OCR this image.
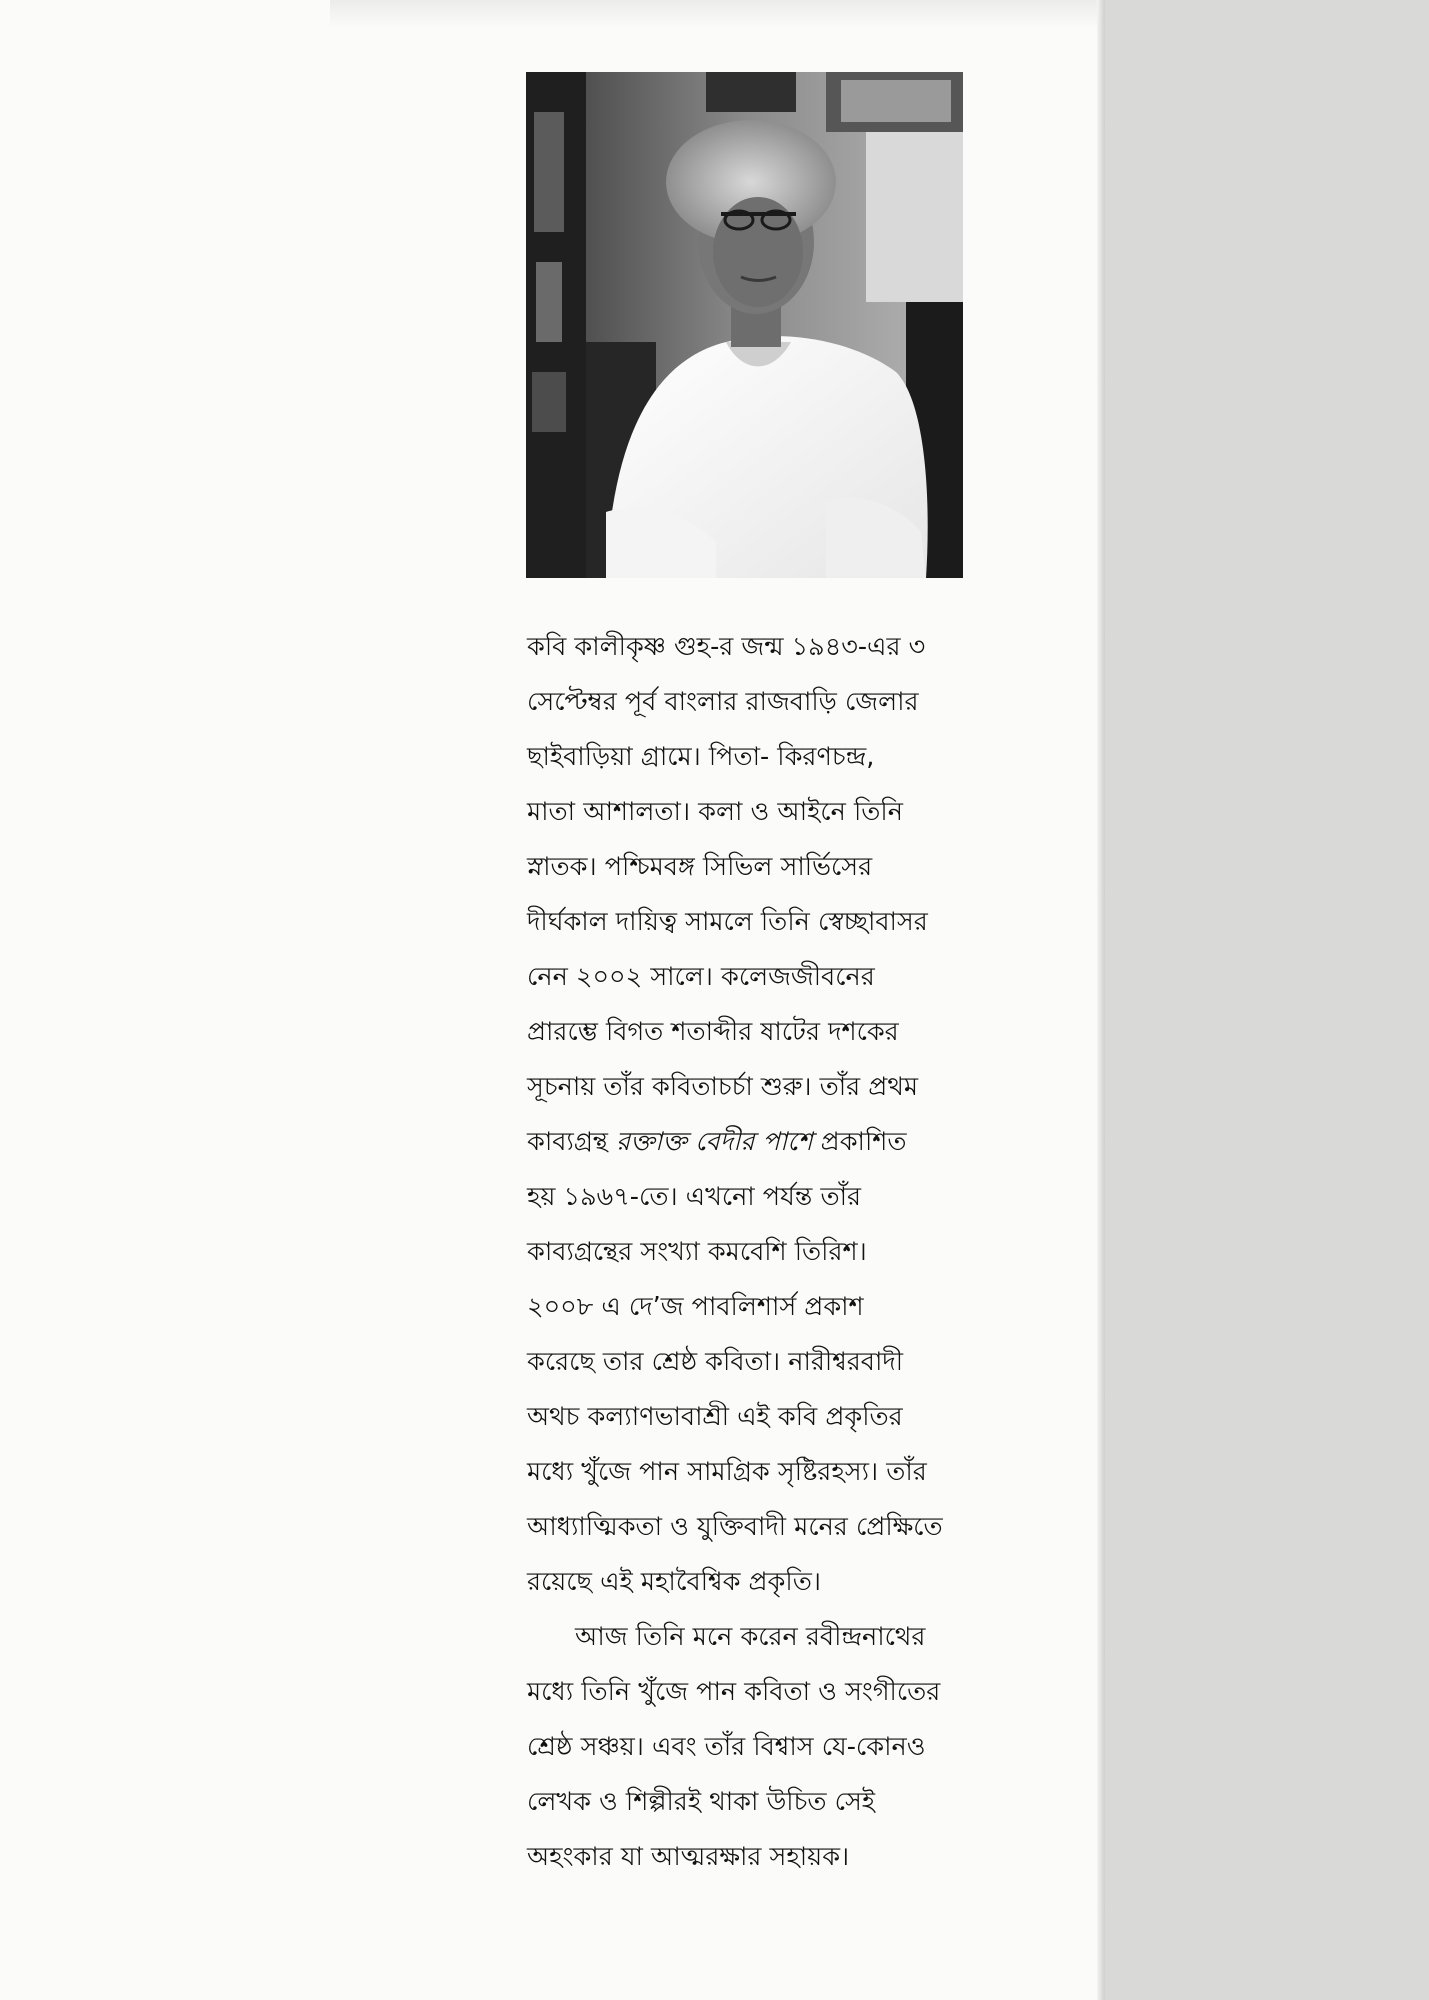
কবি কালীকৃষ্ণ গুহ-র জন্ম ১৯৪৩-এর ৩
সেপ্টেম্বর পূর্ব বাংলার রাজবাড়ি জেলার
ছাইবাড়িয়া গ্রামে। পিতা- কিরণচন্দ্র,
মাতা আশালতা। কলা ও আইনে তিনি
স্নাতক। পশ্চিমবঙ্গ সিভিল সার্ভিসের
দীর্ঘকাল দায়িত্ব সামলে তিনি স্বেচ্ছাবাসর
নেন ২০০২ সালে। কলেজজীবনের
প্রারম্ভে বিগত শতাব্দীর ষাটের দশকের
সূচনায় তাঁর কবিতাচর্চা শুরু। তাঁর প্রথম
কাব্যগ্রন্থ রক্তাক্ত বেদীর পাশে প্রকাশিত
হয় ১৯৬৭-তে। এখনো পর্যন্ত তাঁর
কাব্যগ্রন্থের সংখ্যা কমবেশি তিরিশ।
২০০৮ এ দে’জ পাবলিশার্স প্রকাশ
করেছে তার শ্রেষ্ঠ কবিতা। নারীশ্বরবাদী
অথচ কল্যাণভাবাশ্রী এই কবি প্রকৃতির
মধ্যে খুঁজে পান সামগ্রিক সৃষ্টিরহস্য। তাঁর
আধ্যাত্মিকতা ও যুক্তিবাদী মনের প্রেক্ষিতে
রয়েছে এই মহাবৈশ্বিক প্রকৃতি।

আজ তিনি মনে করেন রবীন্দ্রনাথের
মধ্যে তিনি খুঁজে পান কবিতা ও সংগীতের
শ্রেষ্ঠ সঞ্চয়। এবং তাঁর বিশ্বাস যে-কোনও
লেখক ও শিল্পীরই থাকা উচিত সেই
অহংকার যা আত্মরক্ষার সহায়ক।
